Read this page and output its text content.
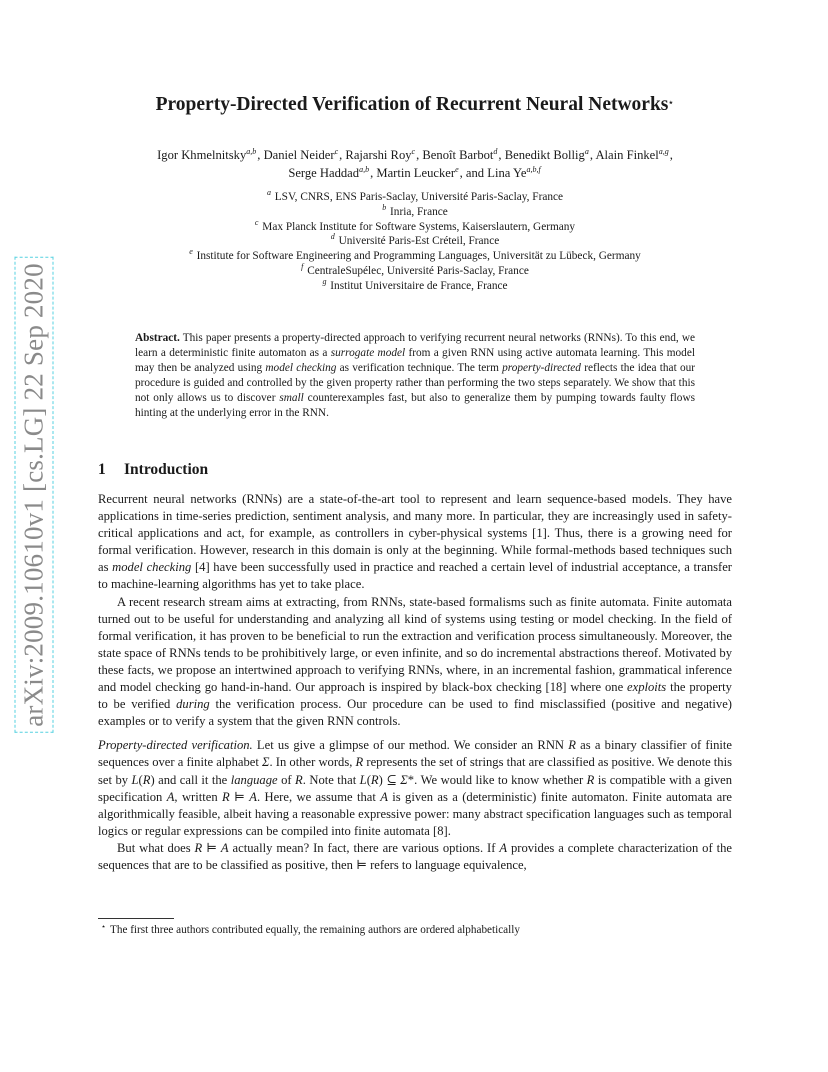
arXiv:2009.10610v1 [cs.LG] 22 Sep 2020
Property-Directed Verification of Recurrent Neural Networks⋆
Igor Khmelnitsky$^{a,b}$, Daniel Neider$^c$, Rajarshi Roy$^c$, Benoît Barbot$^d$, Benedikt Bollig$^a$, Alain Finkel$^{a,g}$,
Serge Haddad$^{a,b}$, Martin Leucker$^e$, and Lina Ye$^{a,b,f}$
$^a$ LSV, CNRS, ENS Paris-Saclay, Université Paris-Saclay, France
$^b$ Inria, France
$^c$ Max Planck Institute for Software Systems, Kaiserslautern, Germany
$^d$ Université Paris-Est Créteil, France
$^e$ Institute for Software Engineering and Programming Languages, Universität zu Lübeck, Germany
$^f$ CentraleSupélec, Université Paris-Saclay, France
$^g$ Institut Universitaire de France, France
Abstract. This paper presents a property-directed approach to verifying recurrent neural networks (RNNs). To this end, we learn a deterministic finite automaton as a surrogate model from a given RNN using active automata learning. This model may then be analyzed using model checking as verification technique. The term property-directed reflects the idea that our procedure is guided and controlled by the given property rather than performing the two steps separately. We show that this not only allows us to discover small counterexamples fast, but also to generalize them by pumping towards faulty flows hinting at the underlying error in the RNN.
1 Introduction

Recurrent neural networks (RNNs) are a state-of-the-art tool to represent and learn sequence-based models. They have applications in time-series prediction, sentiment analysis, and many more. In particular, they are increasingly used in safety-critical applications and act, for example, as controllers in cyber-physical systems [1]. Thus, there is a growing need for formal verification. However, research in this domain is only at the beginning. While formal-methods based techniques such as model checking [4] have been successfully used in practice and reached a certain level of industrial acceptance, a transfer to machine-learning algorithms has yet to take place.

A recent research stream aims at extracting, from RNNs, state-based formalisms such as finite automata. Finite automata turned out to be useful for understanding and analyzing all kind of systems using testing or model checking. In the field of formal verification, it has proven to be beneficial to run the extraction and verification process simultaneously. Moreover, the state space of RNNs tends to be prohibitively large, or even infinite, and so do incremental abstractions thereof. Motivated by these facts, we propose an intertwined approach to verifying RNNs, where, in an incremental fashion, grammatical inference and model checking go hand-in-hand. Our approach is inspired by black-box checking [18] where one exploits the property to be verified during the verification process. Our procedure can be used to find misclassified (positive and negative) examples or to verify a system that the given RNN controls.

Property-directed verification. Let us give a glimpse of our method. We consider an RNN R as a binary classifier of finite sequences over a finite alphabet Σ. In other words, R represents the set of strings that are classified as positive. We denote this set by L(R) and call it the language of R. Note that L(R) ⊆ Σ*. We would like to know whether R is compatible with a given specification A, written R ⊨ A. Here, we assume that A is given as a (deterministic) finite automaton. Finite automata are algorithmically feasible, albeit having a reasonable expressive power: many abstract specification languages such as temporal logics or regular expressions can be compiled into finite automata [8].

But what does R ⊨ A actually mean? In fact, there are various options. If A provides a complete characterization of the sequences that are to be classified as positive, then ⊨ refers to language equivalence,

⋆ The first three authors contributed equally, the remaining authors are ordered alphabetically
